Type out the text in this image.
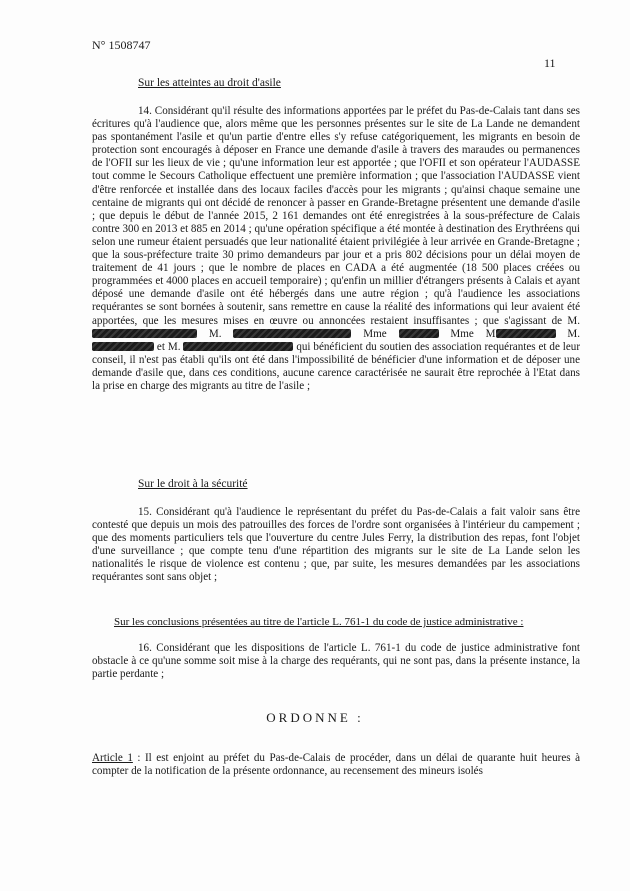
N° 1508747
11
Sur les atteintes au droit d'asile
14. Considérant qu'il résulte des informations apportées par le préfet du Pas-de-Calais tant dans ses écritures qu'à l'audience que, alors même que les personnes présentes sur le site de La Lande ne demandent pas spontanément l'asile et qu'un partie d'entre elles s'y refuse catégoriquement, les migrants en besoin de protection sont encouragés à déposer en France une demande d'asile à travers des maraudes ou permanences de l'OFII sur les lieux de vie ; qu'une information leur est apportée ; que l'OFII et son opérateur l'AUDASSE tout comme le Secours Catholique effectuent une première information ; que l'association l'AUDASSE vient d'être renforcée et installée dans des locaux faciles d'accès pour les migrants ; qu'ainsi chaque semaine une centaine de migrants qui ont décidé de renoncer à passer en Grande-Bretagne présentent une demande d'asile ; que depuis le début de l'année 2015, 2 161 demandes ont été enregistrées à la sous-préfecture de Calais contre 300 en 2013 et 885 en 2014 ; qu'une opération spécifique a été montée à destination des Erythréens qui selon une rumeur étaient persuadés que leur nationalité étaient privilégiée à leur arrivée en Grande-Bretagne ; que la sous-préfecture traite 30 primo demandeurs par jour et a pris 802 décisions pour un délai moyen de traitement de 41 jours ; que le nombre de places en CADA a été augmentée (18 500 places créées ou programmées et 4000 places en accueil temporaire) ; qu'enfin un millier d'étrangers présents à Calais et ayant déposé une demande d'asile ont été hébergés dans une autre région ; qu'à l'audience les associations requérantes se sont bornées à soutenir, sans remettre en cause la réalité des informations qui leur avaient été apportées, que les mesures mises en œuvre ou annoncées restaient insuffisantes ; que s'agissant de M.  M.	Mme	Mme M	M.  et M.	qui bénéficient du soutien des association requérantes et de leur conseil, il n'est pas établi qu'ils ont été dans l'impossibilité de bénéficier d'une information et de déposer une demande d'asile que, dans ces conditions, aucune carence caractérisée ne saurait être reprochée à l'Etat dans la prise en charge des migrants au titre de l'asile ;
Sur le droit à la sécurité
15. Considérant qu'à l'audience le représentant du préfet du Pas-de-Calais a fait valoir sans être contesté que depuis un mois des patrouilles des forces de l'ordre sont organisées à l'intérieur du campement ; que des moments particuliers tels que l'ouverture du centre Jules Ferry, la distribution des repas, font l'objet d'une surveillance ; que compte tenu d'une répartition des migrants sur le site de La Lande selon les nationalités le risque de violence est contenu ; que, par suite, les mesures demandées par les associations requérantes sont sans objet ;
Sur les conclusions présentées au titre de l'article L. 761-1 du code de justice administrative :
16. Considérant que les dispositions de l'article L. 761-1 du code de justice administrative font obstacle à ce qu'une somme soit mise à la charge des requérants, qui ne sont pas, dans la présente instance, la partie perdante ;
ORDONNE :
Article 1 : Il est enjoint au préfet du Pas-de-Calais de procéder, dans un délai de quarante huit heures à compter de la notification de la présente ordonnance, au recensement des mineurs isolés
